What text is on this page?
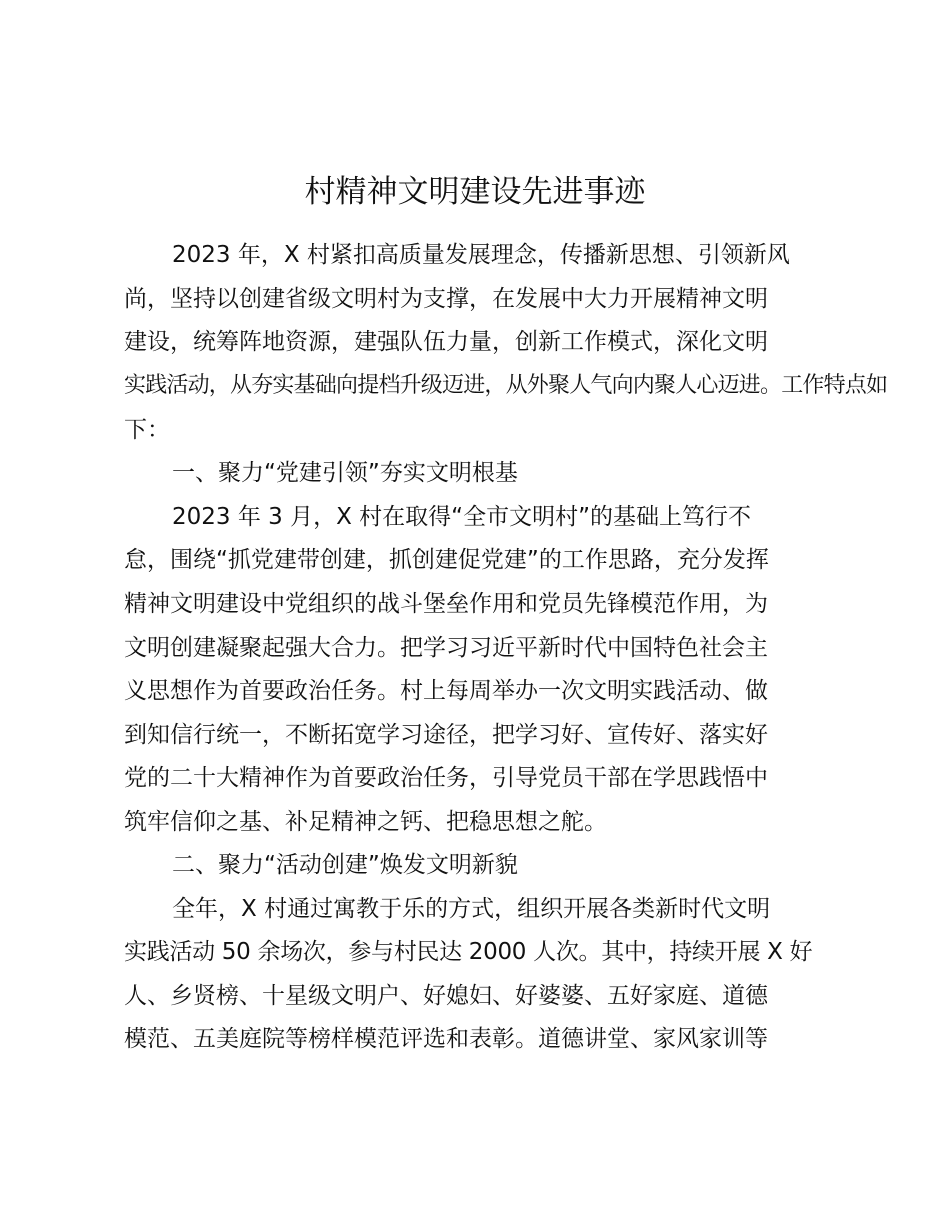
村精神文明建设先进事迹
2023 年，X 村紧扣高质量发展理念，传播新思想、引领新风
尚，坚持以创建省级文明村为支撑，在发展中大力开展精神文明
建设，统筹阵地资源，建强队伍力量，创新工作模式，深化文明
实践活动，从夯实基础向提档升级迈进，从外聚人气向内聚人心迈进。工作特点如
下：
一、聚力“党建引领”夯实文明根基
2023 年 3 月，X 村在取得“全市文明村”的基础上笃行不
怠，围绕“抓党建带创建，抓创建促党建”的工作思路，充分发挥
精神文明建设中党组织的战斗堡垒作用和党员先锋模范作用，为
文明创建凝聚起强大合力。把学习习近平新时代中国特色社会主
义思想作为首要政治任务。村上每周举办一次文明实践活动、做
到知信行统一，不断拓宽学习途径，把学习好、宣传好、落实好
党的二十大精神作为首要政治任务，引导党员干部在学思践悟中
筑牢信仰之基、补足精神之钙、把稳思想之舵。
二、聚力“活动创建”焕发文明新貌
全年，X 村通过寓教于乐的方式，组织开展各类新时代文明
实践活动 50 余场次，参与村民达 2000 人次。其中，持续开展 X 好
人、乡贤榜、十星级文明户、好媳妇、好婆婆、五好家庭、道德
模范、五美庭院等榜样模范评选和表彰。道德讲堂、家风家训等
